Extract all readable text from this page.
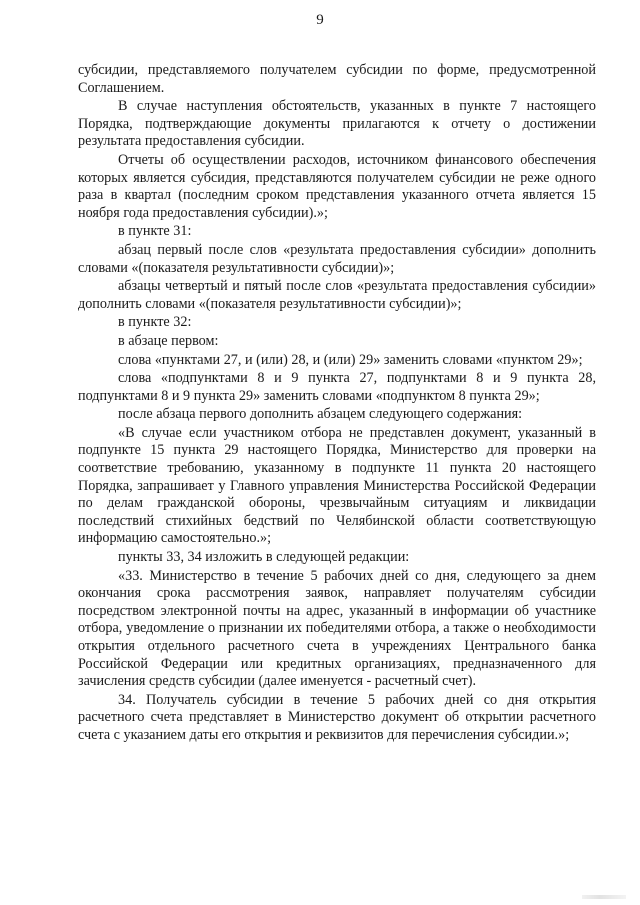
9

субсидии, представляемого получателем субсидии по форме, предусмотренной Соглашением.

В случае наступления обстоятельств, указанных в пункте 7 настоящего Порядка, подтверждающие документы прилагаются к отчету о достижении результата предоставления субсидии.

Отчеты об осуществлении расходов, источником финансового обеспечения которых является субсидия, представляются получателем субсидии не реже одного раза в квартал (последним сроком представления указанного отчета является 15 ноября года предоставления субсидии).»;

в пункте 31:

абзац первый после слов «результата предоставления субсидии» дополнить словами «(показателя результативности субсидии)»;

абзацы четвертый и пятый после слов «результата предоставления субсидии» дополнить словами «(показателя результативности субсидии)»;

в пункте 32:

в абзаце первом:

слова «пунктами 27, и (или) 28, и (или) 29» заменить словами «пунктом 29»;

слова «подпунктами 8 и 9 пункта 27, подпунктами 8 и 9 пункта 28, подпунктами 8 и 9 пункта 29» заменить словами «подпунктом 8 пункта 29»;

после абзаца первого дополнить абзацем следующего содержания:

«В случае если участником отбора не представлен документ, указанный в подпункте 15 пункта 29 настоящего Порядка, Министерство для проверки на соответствие требованию, указанному в подпункте 11 пункта 20 настоящего Порядка, запрашивает у Главного управления Министерства Российской Федерации по делам гражданской обороны, чрезвычайным ситуациям и ликвидации последствий стихийных бедствий по Челябинской области соответствующую информацию самостоятельно.»;

пункты 33, 34 изложить в следующей редакции:

«33. Министерство в течение 5 рабочих дней со дня, следующего за днем окончания срока рассмотрения заявок, направляет получателям субсидии посредством электронной почты на адрес, указанный в информации об участнике отбора, уведомление о признании их победителями отбора, а также о необходимости открытия отдельного расчетного счета в учреждениях Центрального банка Российской Федерации или кредитных организациях, предназначенного для зачисления средств субсидии (далее именуется - расчетный счет).

34. Получатель субсидии в течение 5 рабочих дней со дня открытия расчетного счета представляет в Министерство документ об открытии расчетного счета с указанием даты его открытия и реквизитов для перечисления субсидии.»;
